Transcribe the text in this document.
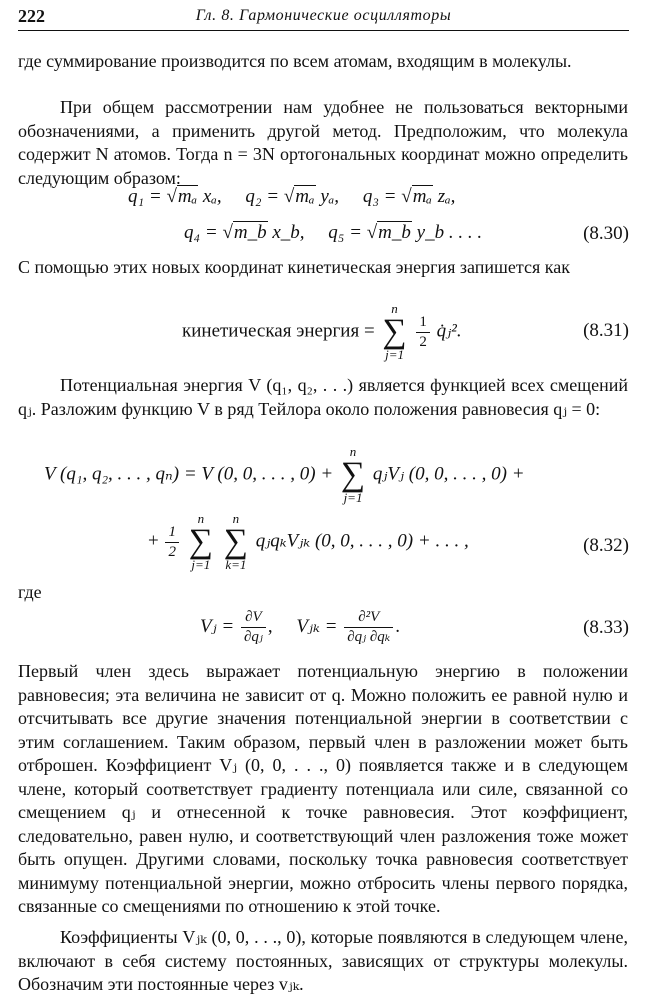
222	Гл. 8. Гармонические осцилляторы

где суммирование производится по всем атомам, входящим в молекулы.

При общем рассмотрении нам удобнее не пользоваться векторными обозначениями, а применить другой метод. Предположим, что молекула содержит N атомов. Тогда n = 3N ортогональных координат можно определить следующим образом:

q₁ = √mₐ xₐ, q₂ = √mₐ yₐ, q₃ = √mₐ zₐ,
q₄ = √m_b x_b, q₅ = √m_b y_b . . . .	(8.30)

С помощью этих новых координат кинетическая энергия запишется как

кинетическая энергия =
n
∑
j=1

$\frac{1}{2}$ q̇ⱼ².	(8.31)

Потенциальная энергия V (q₁, q₂, . . .) является функцией всех смещений qⱼ. Разложим функцию V в ряд Тейлора около положения равновесия qⱼ = 0:

V (q₁, q₂, . . . , qₙ) = V (0, 0, . . . , 0) +
n
∑
j=1
qⱼVⱼ (0, 0, . . . , 0) +
+ $\frac{1}{2}$

n
∑
j=1

n
∑
k=1
qⱼqₖVⱼₖ (0, 0, . . . , 0) + . . . ,	(8.32)
где
Vⱼ = $\frac{\partial V}{\text{∂qⱼ}}$ , Vⱼₖ = $\frac{\text{∂²V}}{\text{∂qⱼ ∂qₖ}}$ .	(8.33)

Первый член здесь выражает потенциальную энергию в положении равновесия; эта величина не зависит от q. Можно положить ее равной нулю и отсчитывать все другие значения потенциальной энергии в соответствии с этим соглашением. Таким образом, первый член в разложении может быть отброшен. Коэффициент Vⱼ (0, 0, . . ., 0) появляется также и в следующем члене, который соответствует градиенту потенциала или силе, связанной со смещением qⱼ и отнесенной к точке равновесия. Этот коэффициент, следовательно, равен нулю, и соответствующий член разложения тоже может быть опущен. Другими словами, поскольку точка равновесия соответствует минимуму потенциальной энергии, можно отбросить члены первого порядка, связанные со смещениями по отношению к этой точке.

Коэффициенты Vⱼₖ (0, 0, . . ., 0), которые появляются в следующем члене, включают в себя систему постоянных, зависящих от структуры молекулы. Обозначим эти постоянные через vⱼₖ.
